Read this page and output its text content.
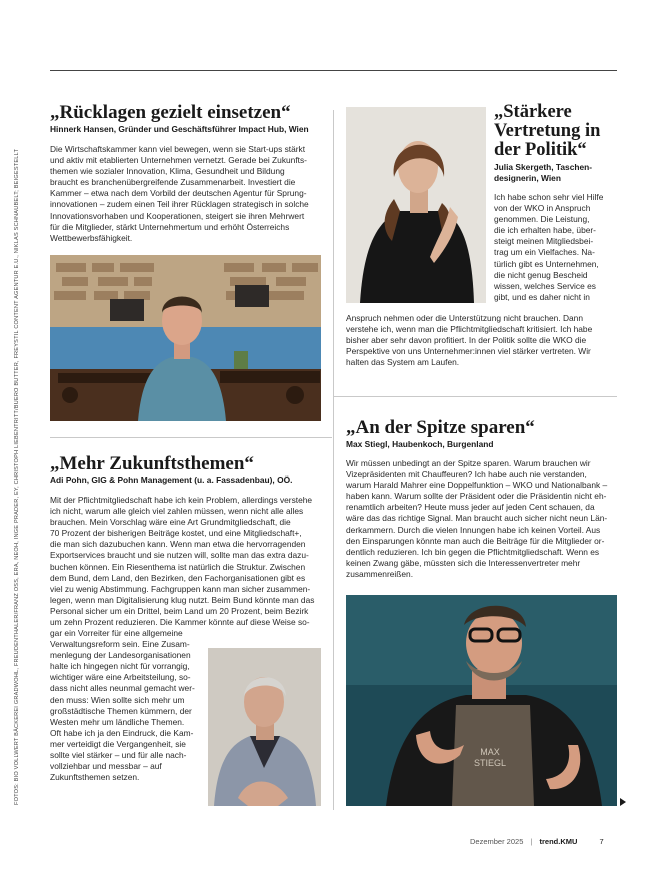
FOTOS: BIO VOLLWERT BÄCKEREI GRADWOHL, FREUDENTHALER/FRANZ OSS, ERA, NEOH, INGE PRADER, EY, CHRISTOPH LIEBENTRITT/BUERO BUTTER, FREYSTIL CONTENT AGENTUR E.U., NIKLAS SCHNAUBELT; BEIGESTELLT
„Rücklagen gezielt einsetzen“
Hinnerk Hansen, Gründer und Geschäftsführer Impact Hub, Wien
Die Wirtschaftskammer kann viel bewegen, wenn sie Start-ups stärkt
und aktiv mit etablierten Unternehmen vernetzt. Gerade bei Zukunfts-
themen wie sozialer Innovation, Klima, Gesundheit und Bildung
braucht es branchenübergreifende Zusammenarbeit. Investiert die
Kammer – etwa nach dem Vorbild der deutschen Agentur für Sprung-
innovationen – zudem einen Teil ihrer Rücklagen strategisch in solche
Innovationsvorhaben und Kooperationen, steigert sie ihren Mehrwert
für die Mitglieder, stärkt Unternehmertum und erhöht Österreichs
Wettbewerbsfähigkeit.
„Stärkere
Vertretung in
der Politik“
Julia Skergeth, Taschen-
designerin, Wien
Ich habe schon sehr viel Hilfe
von der WKO in Anspruch
genommen. Die Leistung,
die ich erhalten habe, über-
steigt meinen Mitgliedsbei-
trag um ein Vielfaches. Na-
türlich gibt es Unternehmen,
die nicht genug Bescheid
wissen, welches Service es
gibt, und es daher nicht in
Anspruch nehmen oder die Unterstützung nicht brauchen. Dann
verstehe ich, wenn man die Pflichtmitgliedschaft kritisiert. Ich habe
bisher aber sehr davon profitiert. In der Politik sollte die WKO die
Perspektive von uns Unternehmer:innen viel stärker vertreten. Wir
halten das System am Laufen.
„Mehr Zukunftsthemen“
Adi Pohn, GIG & Pohn Management (u. a. Fassadenbau), OÖ.
Mit der Pflichtmitgliedschaft habe ich kein Problem, allerdings verstehe
ich nicht, warum alle gleich viel zahlen müssen, wenn nicht alle alles
brauchen. Mein Vorschlag wäre eine Art Grundmitgliedschaft, die
70 Prozent der bisherigen Beiträge kostet, und eine Mitgliedschaft+,
die man sich dazubuchen kann. Wenn man etwa die hervorragenden
Exportservices braucht und sie nutzen will, sollte man das extra dazu-
buchen können. Ein Riesenthema ist natürlich die Struktur. Zwischen
dem Bund, dem Land, den Bezirken, den Fachorganisationen gibt es
viel zu wenig Abstimmung. Fachgruppen kann man sicher zusammen-
legen, wenn man Digitalisierung klug nutzt. Beim Bund könnte man das
Personal sicher um ein Drittel, beim Land um 20 Prozent, beim Bezirk
um zehn Prozent reduzieren. Die Kammer könnte auf diese Weise so-
gar ein Vorreiter für eine allgemeine
Verwaltungsreform sein. Eine Zusam-
menlegung der Landesorganisationen
halte ich hingegen nicht für vorrangig,
wichtiger wäre eine Arbeitsteilung, so-
dass nicht alles neunmal gemacht wer-
den muss: Wien sollte sich mehr um
großstädtische Themen kümmern, der
Westen mehr um ländliche Themen.
Oft habe ich ja den Eindruck, die Kam-
mer verteidigt die Vergangenheit, sie
sollte viel stärker – und für alle nach-
vollziehbar und messbar – auf
Zukunftsthemen setzen.
„An der Spitze sparen“
Max Stiegl, Haubenkoch, Burgenland
Wir müssen unbedingt an der Spitze sparen. Warum brauchen wir
Vizepräsidenten mit Chauffeuren? Ich habe auch nie verstanden,
warum Harald Mahrer eine Doppelfunktion – WKO und Nationalbank –
haben kann. Warum sollte der Präsident oder die Präsidentin nicht eh-
renamtlich arbeiten? Heute muss jeder auf jeden Cent schauen, da
wäre das das richtige Signal. Man braucht auch sicher nicht neun Län-
derkammern. Durch die vielen Innungen habe ich keinen Vorteil. Aus
den Einsparungen könnte man auch die Beiträge für die Mitglieder or-
dentlich reduzieren. Ich bin gegen die Pflichtmitgliedschaft. Wenn es
keinen Zwang gäbe, müssten sich die Interessenvertreter mehr
zusammenreißen.
MAX
STIEGL
Dezember 2025 | trend.KMU	7
